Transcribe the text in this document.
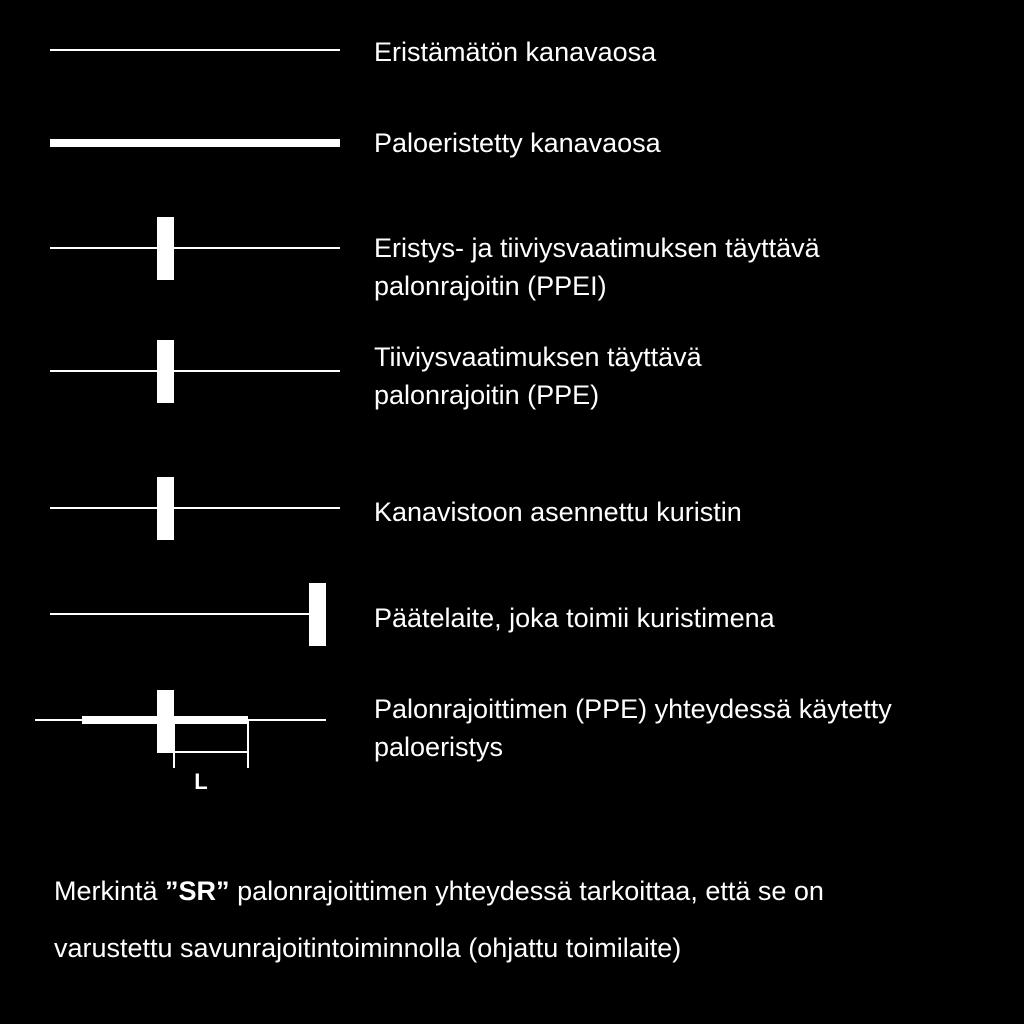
L
Eristämätön kanavaosa
Paloeristetty kanavaosa
Eristys- ja tiiviysvaatimuksen täyttävä
palonrajoitin (PPEI)
Tiiviysvaatimuksen täyttävä
palonrajoitin (PPE)
Kanavistoon asennettu kuristin
Päätelaite, joka toimii kuristimena
Palonrajoittimen (PPE) yhteydessä käytetty
paloeristys
Merkintä ”SR” palonrajoittimen yhteydessä tarkoittaa, että se on
varustettu savunrajoitintoiminnolla (ohjattu toimilaite)
